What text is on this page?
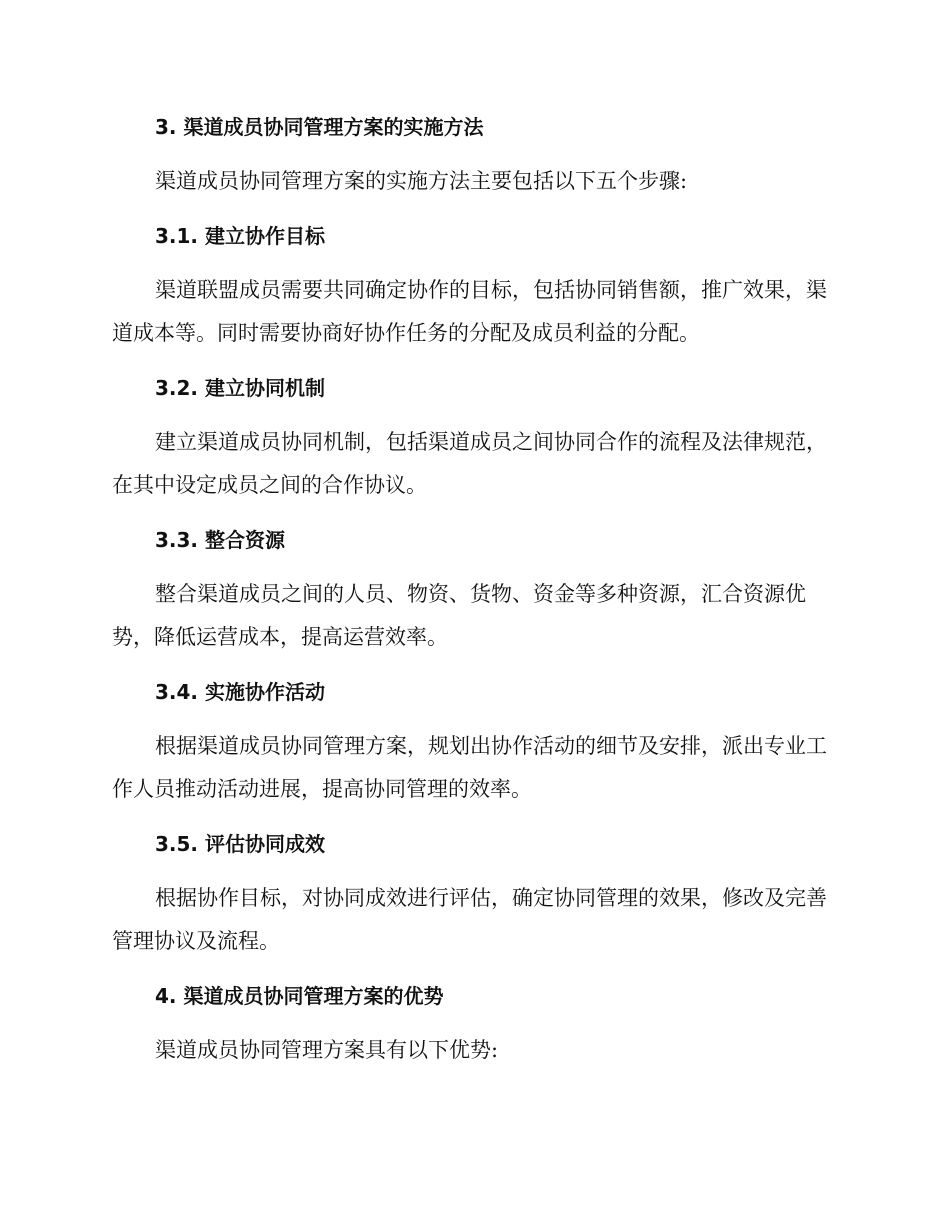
3. 渠道成员协同管理方案的实施方法
渠道成员协同管理方案的实施方法主要包括以下五个步骤:
3.1. 建立协作目标
渠道联盟成员需要共同确定协作的目标，包括协同销售额，推广效果，渠道成本等。同时需要协商好协作任务的分配及成员利益的分配。
3.2. 建立协同机制
建立渠道成员协同机制，包括渠道成员之间协同合作的流程及法律规范，在其中设定成员之间的合作协议。
3.3. 整合资源
整合渠道成员之间的人员、物资、货物、资金等多种资源，汇合资源优势，降低运营成本，提高运营效率。
3.4. 实施协作活动
根据渠道成员协同管理方案，规划出协作活动的细节及安排，派出专业工作人员推动活动进展，提高协同管理的效率。
3.5. 评估协同成效
根据协作目标，对协同成效进行评估，确定协同管理的效果，修改及完善管理协议及流程。
4. 渠道成员协同管理方案的优势
渠道成员协同管理方案具有以下优势:
